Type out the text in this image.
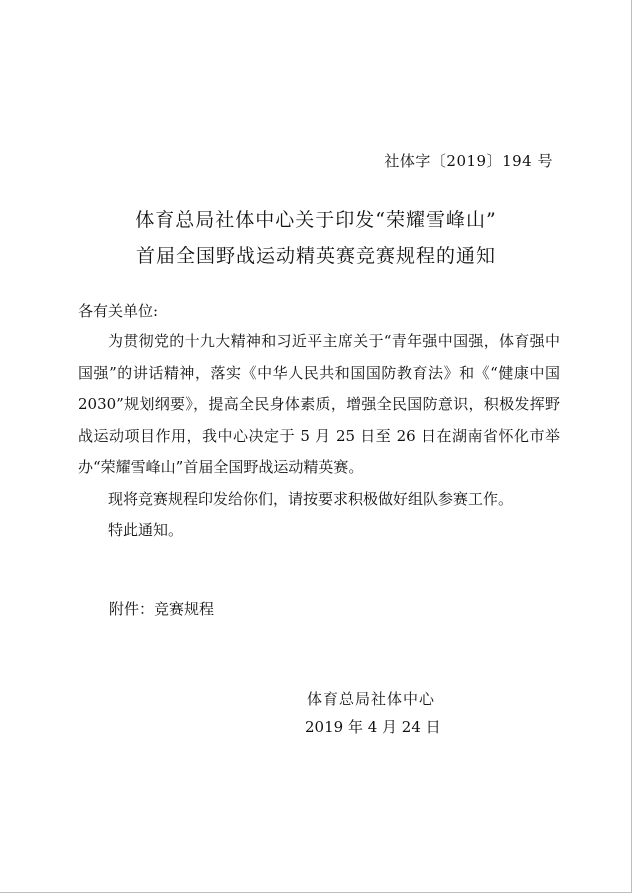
社体字〔2019〕194 号
体育总局社体中心关于印发“荣耀雪峰山”
首届全国野战运动精英赛竞赛规程的通知
各有关单位:

为贯彻党的十九大精神和习近平主席关于“青年强中国强，体育强中国强”的讲话精神，落实《中华人民共和国国防教育法》和《“健康中国 2030”规划纲要》，提高全民身体素质，增强全民国防意识，积极发挥野战运动项目作用，我中心决定于 5 月 25 日至 26 日在湖南省怀化市举办“荣耀雪峰山”首届全国野战运动精英赛。

现将竞赛规程印发给你们，请按要求积极做好组队参赛工作。

特此通知。

附件：竞赛规程
体育总局社体中心
2019 年 4 月 24 日
